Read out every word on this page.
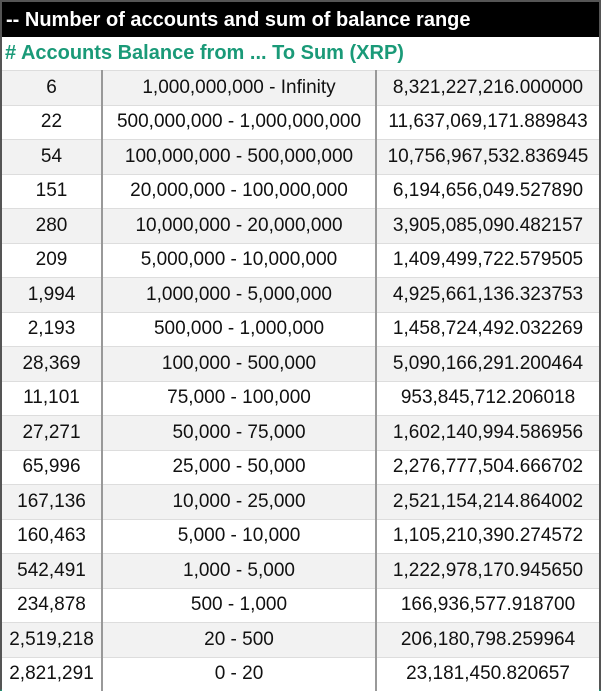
-- Number of accounts and sum of balance range
# Accounts Balance from ... To Sum (XRP)
6	1,000,000,000 - Infinity	8,321,227,216.000000
22	500,000,000 - 1,000,000,000	11,637,069,171.889843
54	100,000,000 - 500,000,000	10,756,967,532.836945
151	20,000,000 - 100,000,000	6,194,656,049.527890
280	10,000,000 - 20,000,000	3,905,085,090.482157
209	5,000,000 - 10,000,000	1,409,499,722.579505
1,994	1,000,000 - 5,000,000	4,925,661,136.323753
2,193	500,000 - 1,000,000	1,458,724,492.032269
28,369	100,000 - 500,000	5,090,166,291.200464
11,101	75,000 - 100,000	953,845,712.206018
27,271	50,000 - 75,000	1,602,140,994.586956
65,996	25,000 - 50,000	2,276,777,504.666702
167,136	10,000 - 25,000	2,521,154,214.864002
160,463	5,000 - 10,000	1,105,210,390.274572
542,491	1,000 - 5,000	1,222,978,170.945650
234,878	500 - 1,000	166,936,577.918700
2,519,218	20 - 500	206,180,798.259964
2,821,291	0 - 20	23,181,450.820657
